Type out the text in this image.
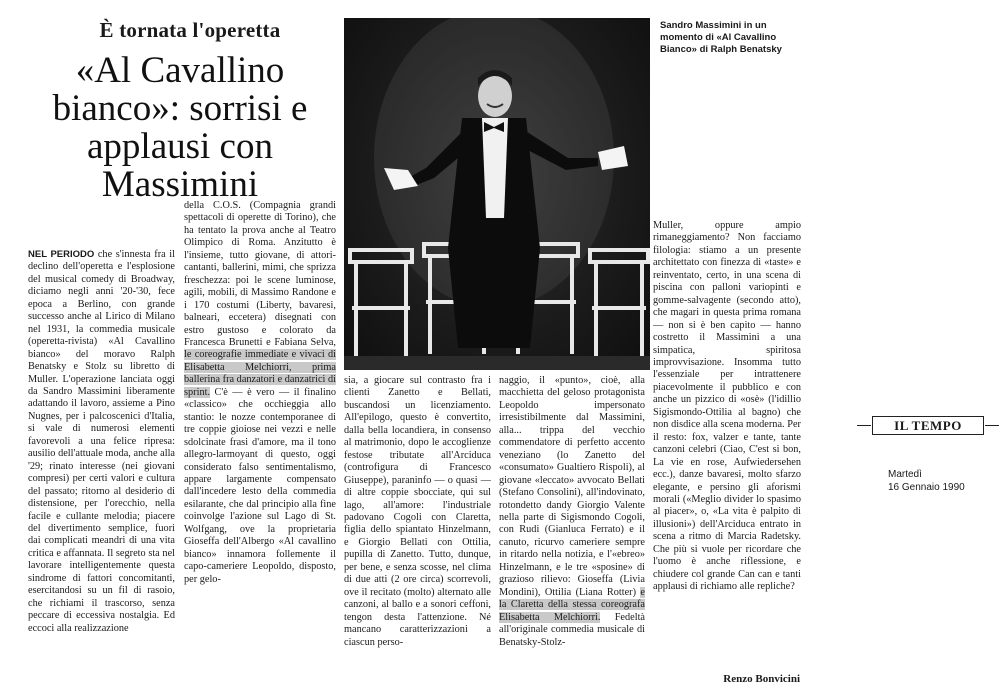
È tornata l'operetta
«Al Cavallino bianco»: sorrisi e applausi con Massimini
Sandro Massimini in un momento di «Al Cavallino Bianco» di Ralph Benatsky
NEL PERIODO che s'innesta fra il declino dell'operetta e l'esplosione del musical comedy di Broadway, diciamo negli anni '20-'30, fece epoca a Berlino, con grande successo anche al Lirico di Milano nel 1931, la commedia musicale (operetta-rivista) «Al Cavallino bianco» del moravo Ralph Benatsky e Stolz su libretto di Muller. L'operazione lanciata oggi da Sandro Massimini liberamente adattando il lavoro, assieme a Pino Nugnes, per i palcoscenici d'Italia, si vale di numerosi elementi favorevoli a una felice ripresa: ausilio dell'attuale moda, anche alla '29; rinato interesse (nei giovani compresi) per certi valori e cultura del passato; ritorno al desiderio di distensione, per l'orecchio, nella facile e cullante melodia; piacere del divertimento semplice, fuori dai complicati meandri di una vita critica e affannata. Il segreto sta nel lavorare intelligentemente questa sindrome di fattori concomitanti, esercitandosi su un fil di rasoio, che richiami il trascorso, senza peccare di eccessiva nostalgia. Ed eccoci alla realizzazione
della C.O.S. (Compagnia grandi spettacoli di operette di Torino), che ha tentato la prova anche al Teatro Olimpico di Roma. Anzitutto è l'insieme, tutto giovane, di attori-cantanti, ballerini, mimi, che sprizza freschezza: poi le scene luminose, agili, mobili, di Massimo Randone e i 170 costumi (Liberty, bavaresi, balneari, eccetera) disegnati con estro gustoso e colorato da Francesca Brunetti e Fabiana Selva, le coreografie immediate e vivaci di Elisabetta Melchiorri, prima ballerina fra danzatori e danzatrici di sprint. C'è — è vero — il finalino «classico» che occhieggia allo stantio: le nozze contemporanee di tre coppie gioiose nei vezzi e nelle sdolcinate frasi d'amore, ma il tono allegro-larmoyant di questo, oggi considerato falso sentimentalismo, appare largamente compensato dall'incedere lesto della commedia esilarante, che dal principio alla fine coinvolge l'azione sul Lago di St. Wolfgang, ove la proprietaria Gioseffa dell'Albergo «Al cavallino bianco» innamora follemente il capo-cameriere Leopoldo, disposto, per gelo-
sia, a giocare sul contrasto fra i clienti Zanetto e Bellati, buscandosi un licenziamento. All'epilogo, questo è convertito, dalla bella locandiera, in consenso al matrimonio, dopo le accoglienze festose tributate all'Arciduca (controfigura di Francesco Giuseppe), paraninfo — o quasi — di altre coppie sbocciate, qui sul lago, all'amore: l'industriale padovano Cogoli con Claretta, figlia dello spiantato Hinzelmann, e Giorgio Bellati con Ottilia, pupilla di Zanetto. Tutto, dunque, per bene, e senza scosse, nel clima di due atti (2 ore circa) scorrevoli, ove il recitato (molto) alternato alle canzoni, al ballo e a sonori ceffoni, tengon desta l'attenzione. Né mancano caratterizzazioni a ciascun perso-
naggio, il «punto», cioè, alla macchietta del geloso protagonista Leopoldo impersonato irresistibilmente dal Massimini, alla... trippa del vecchio commendatore di perfetto accento veneziano (lo Zanetto del «consumato» Gualtiero Rispoli), al giovane «leccato» avvocato Bellati (Stefano Consolini), all'indovinato, rotondetto dandy Giorgio Valente nella parte di Sigismondo Cogoli, con Rudi (Gianluca Ferrato) e il canuto, ricurvo cameriere sempre in ritardo nella notizia, e l'«ebreo» Hinzelmann, e le tre «sposine» di grazioso rilievo: Gioseffa (Livia Mondini), Ottilia (Liana Rotter) e la Claretta della stessa coreografa Elisabetta Melchiorri. Fedeltà all'originale commedia musicale di Benatsky-Stolz-
Muller, oppure ampio rimaneggiamento? Non facciamo filologia: stiamo a un presente architettato con finezza di «taste» e reinventato, certo, in una scena di piscina con palloni variopinti e gomme-salvagente (secondo atto), che magari in questa prima romana — non si è ben capito — hanno costretto il Massimini a una simpatica, spiritosa improvvisazione. Insomma tutto l'essenziale per intrattenere piacevolmente il pubblico e con anche un pizzico di «osè» (l'idillio Sigismondo-Ottilia al bagno) che non disdice alla scena moderna. Per il resto: fox, valzer e tante, tante canzoni celebri (Ciao, C'est si bon, La vie en rose, Aufwiedersehen ecc.), danze bavaresi, molto sfarzo elegante, e persino gli aforismi morali («Meglio divider lo spasimo al piacer», o, «La vita è palpito di illusioni») dell'Arciduca entrato in scena a ritmo di Marcia Radetsky. Che più si vuole per ricordare che l'uomo è anche riflessione, e chiudere col grande Can can e tanti applausi di richiamo alle repliche?
Renzo Bonvicini
IL TEMPO
Martedì
16 Gennaio 1990
